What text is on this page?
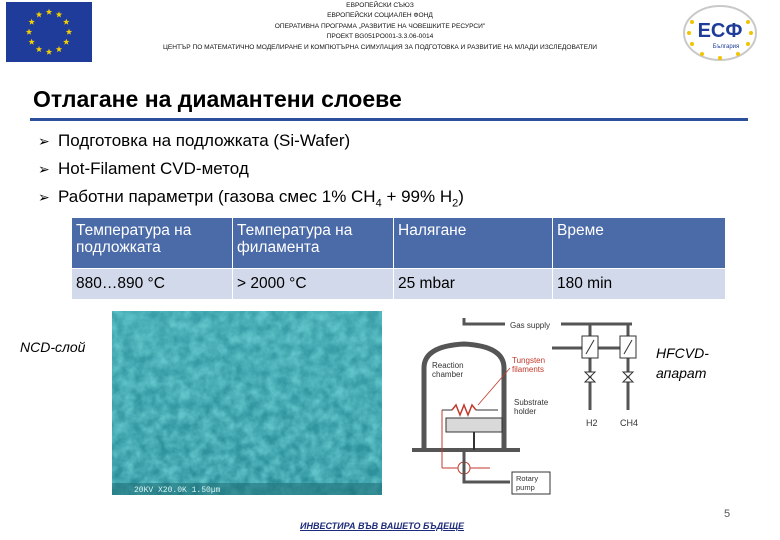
ЕВРОПЕЙСКИ СЪЮЗ
ЕВРОПЕЙСКИ СОЦИАЛЕН ФОНД
ОПЕРАТИВНА ПРОГРАМА „РАЗВИТИЕ НА ЧОВЕШКИТЕ РЕСУРСИ"
ПРОЕКТ BG051PO001-3.3.06-0014
ЦЕНТЪР ПО МАТЕМАТИЧНО МОДЕЛИРАНЕ И КОМПЮТЪРНА СИМУЛАЦИЯ ЗА ПОДГОТОВКА И РАЗВИТИЕ НА МЛАДИ ИЗСЛЕДОВАТЕЛИ
ЕСФ
България
Отлагане на диамантени слоеве
➢ Подготовка на подложката (Si-Wafer)
➢ Hot-Filament CVD-метод
➢ Работни параметри (газова смес 1% $CH_4 + 99\%$ $H_2$)
Температура на подложката	Температура на филамента	Налягане	Време
880…890 °C	> 2000 °C	25 mbar	180 min
NCD-слой
20KV X20.0K 1.50µm
Gas supply
H2 CH4
Reaction chamber
Tungsten filaments
Substrate holder
Rotary pump
HFCVD-
апарат
ИНВЕСТИРА ВЪВ ВАШЕТО БЪДЕЩЕ
5
